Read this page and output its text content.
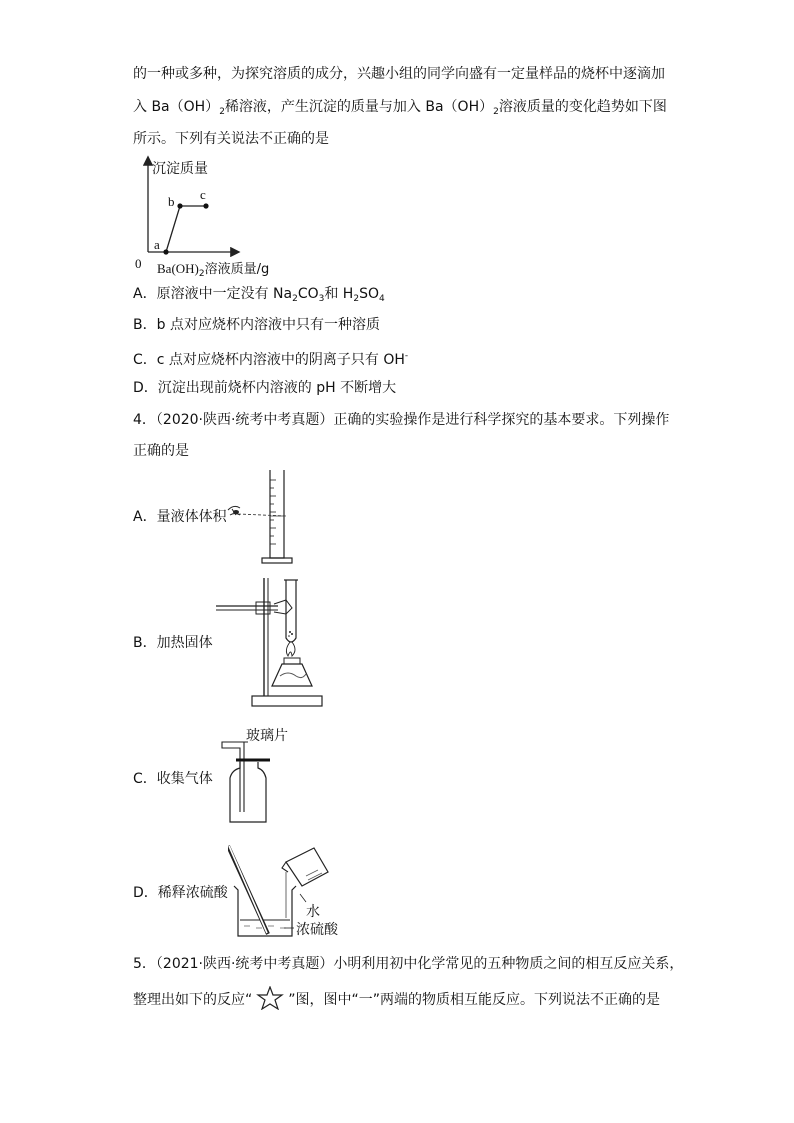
的一种或多种，为探究溶质的成分，兴趣小组的同学向盛有一定量样品的烧杯中逐滴加
入 $Ba(OH)_2$稀溶液，产生沉淀的质量与加入 $Ba(OH)_2$溶液质量的变化趋势如下图
所示。下列有关说法不正确的是
沉淀质量
0
a
b c
$Ba(OH)_2$溶液质量/g
A．原溶液中一定没有 $Na_2CO_3$和 $H_2SO_4$
B．b 点对应烧杯内溶液中只有一种溶质
C．c 点对应烧杯内溶液中的阴离子只有 OH-
D．沉淀出现前烧杯内溶液的 pH 不断增大
4．（2020·陕西·统考中考真题）正确的实验操作是进行科学探究的基本要求。下列操作
正确的是
A．量液体体积
B．加热固体
C．收集气体
玻璃片
D．稀释浓硫酸
水
浓硫酸
5．（2021·陕西·统考中考真题）小明利用初中化学常见的五种物质之间的相互反应关系，
整理出如下的反应“	”图，图中“一”两端的物质相互能反应。下列说法不正确的是
